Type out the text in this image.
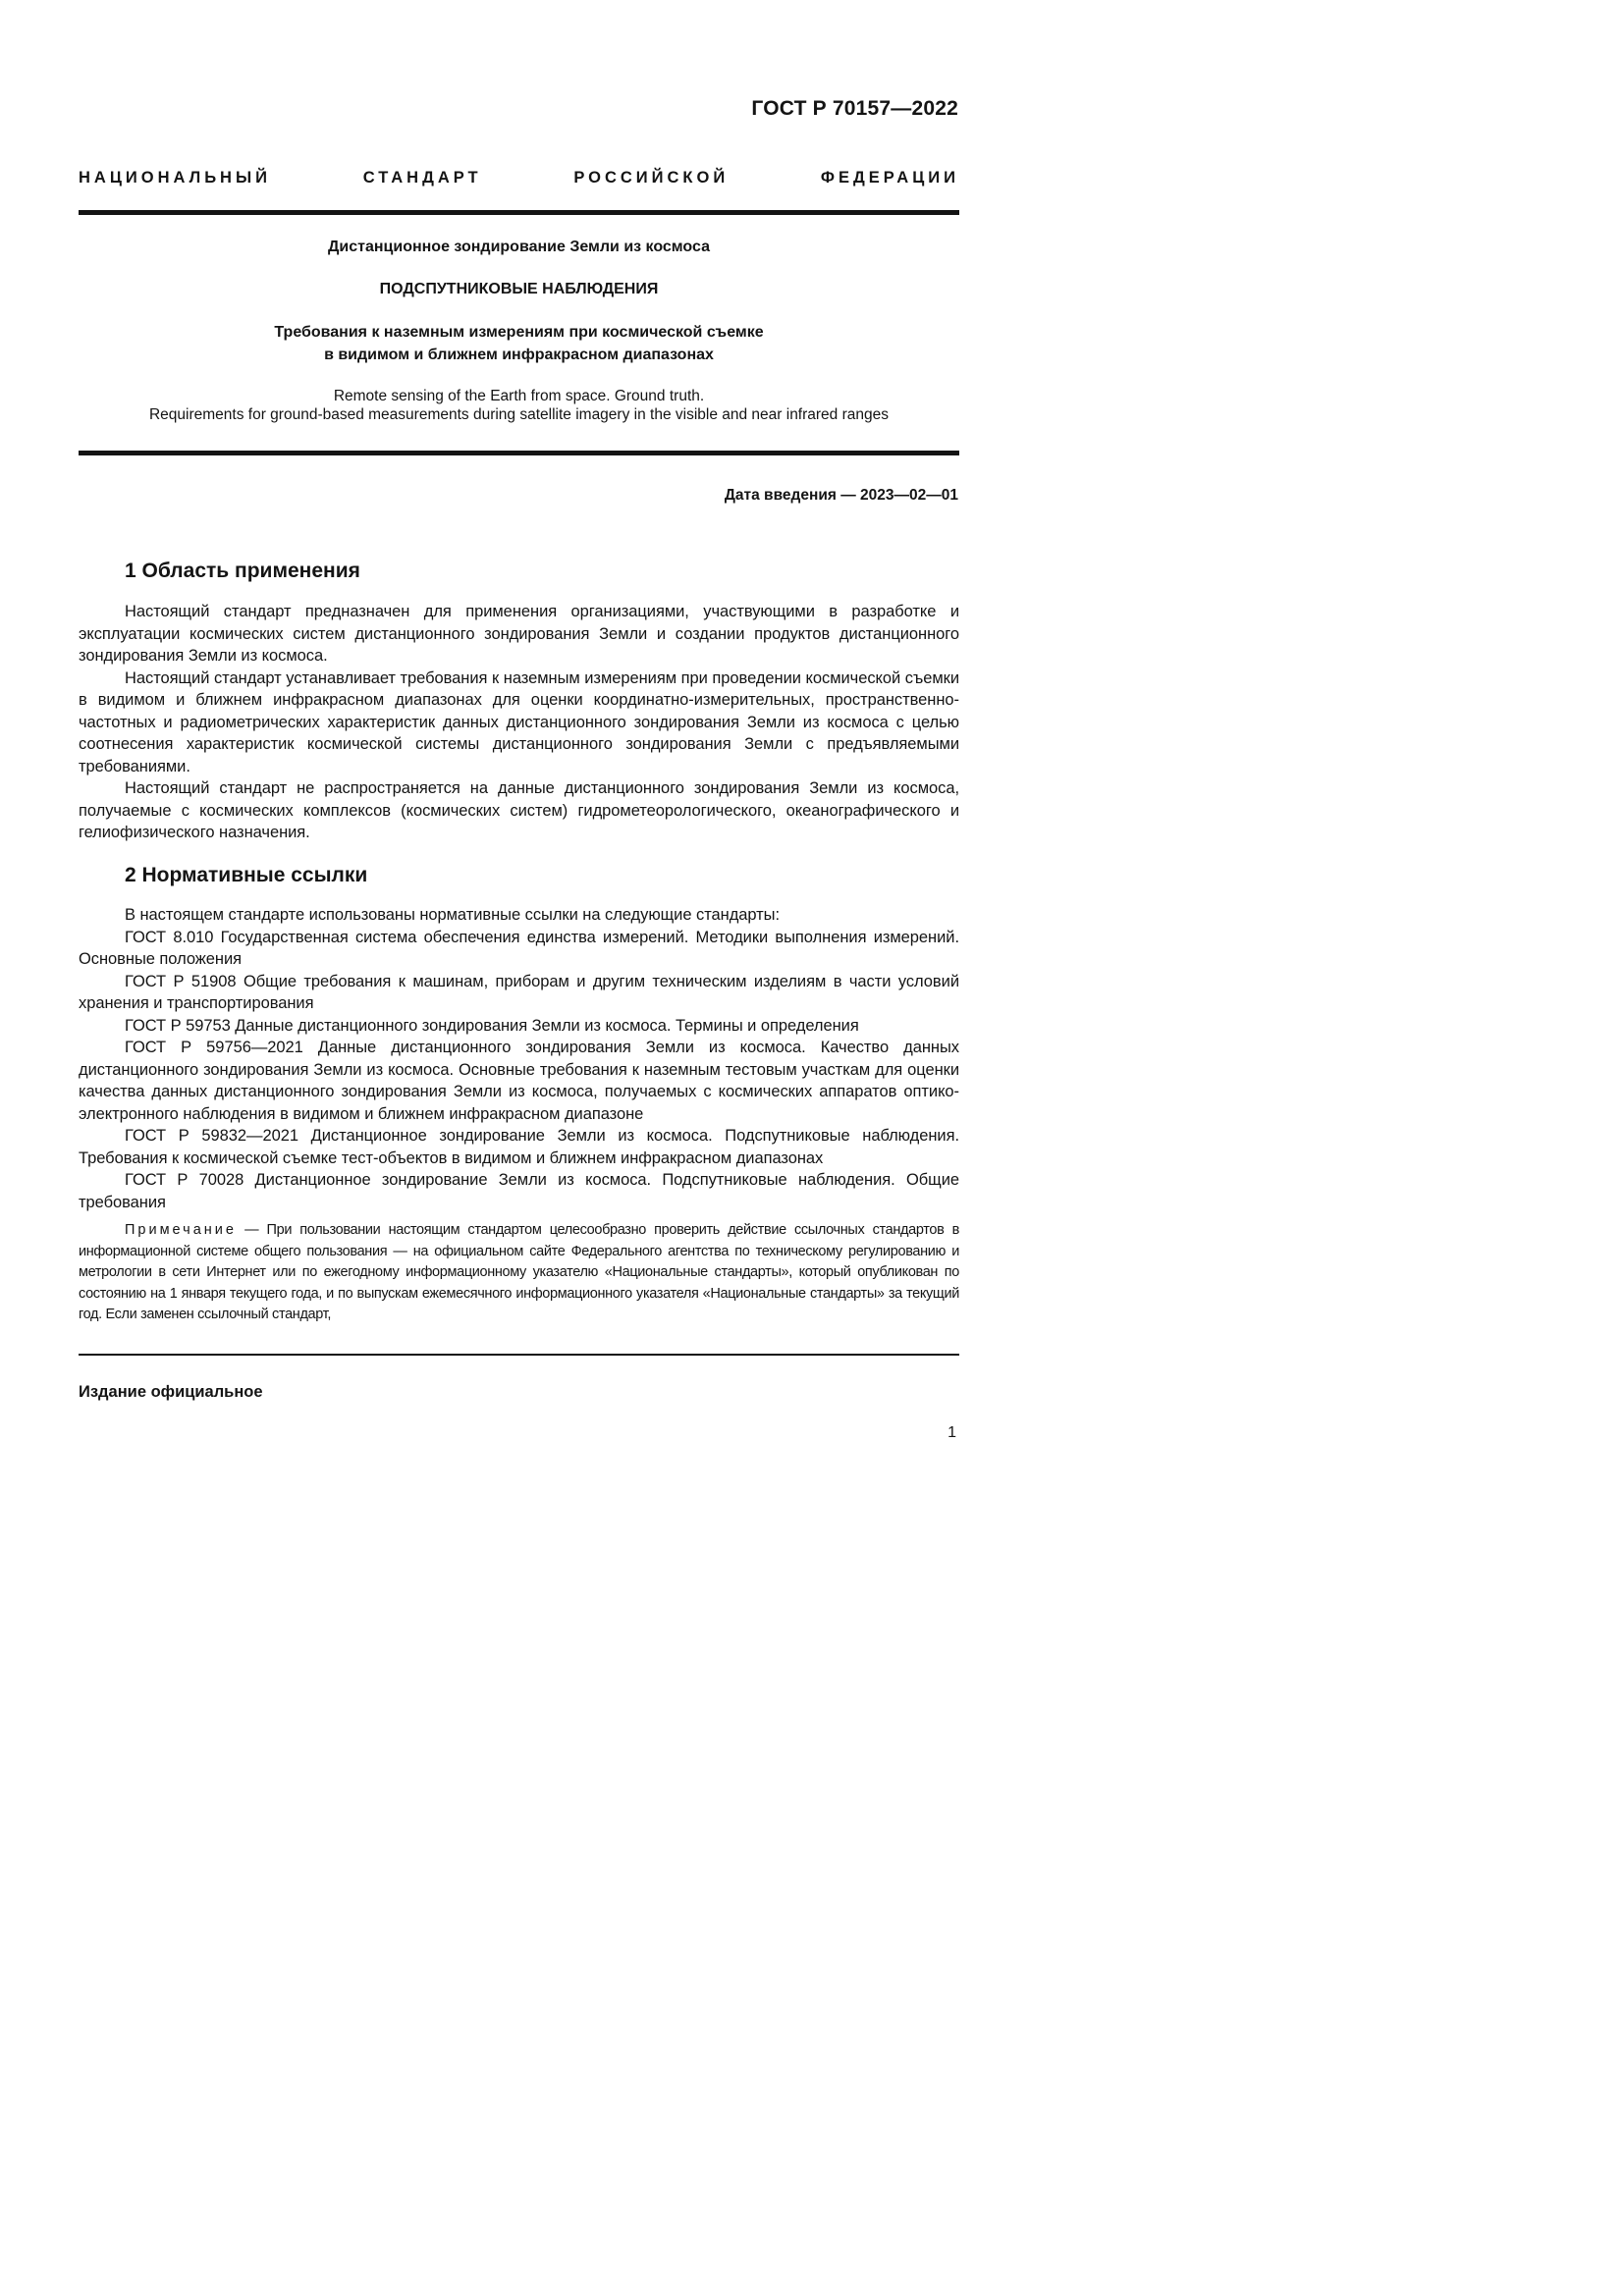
ГОСТ Р 70157—2022
НАЦИОНАЛЬНЫЙ СТАНДАРТ РОССИЙСКОЙ ФЕДЕРАЦИИ
Дистанционное зондирование Земли из космоса
ПОДСПУТНИКОВЫЕ НАБЛЮДЕНИЯ
Требования к наземным измерениям при космической съемке
в видимом и ближнем инфракрасном диапазонах
Remote sensing of the Earth from space. Ground truth.
Requirements for ground-based measurements during satellite imagery in the visible and near infrared ranges
Дата введения — 2023—02—01
1 Область применения

Настоящий стандарт предназначен для применения организациями, участвующими в разработке и эксплуатации космических систем дистанционного зондирования Земли и создании продуктов дистанционного зондирования Земли из космоса.

Настоящий стандарт устанавливает требования к наземным измерениям при проведении космической съемки в видимом и ближнем инфракрасном диапазонах для оценки координатно-измерительных, пространственно-частотных и радиометрических характеристик данных дистанционного зондирования Земли из космоса с целью соотнесения характеристик космической системы дистанционного зондирования Земли с предъявляемыми требованиями.

Настоящий стандарт не распространяется на данные дистанционного зондирования Земли из космоса, получаемые с космических комплексов (космических систем) гидрометеорологического, океанографического и гелиофизического назначения.

2 Нормативные ссылки

В настоящем стандарте использованы нормативные ссылки на следующие стандарты:

ГОСТ 8.010 Государственная система обеспечения единства измерений. Методики выполнения измерений. Основные положения

ГОСТ Р 51908 Общие требования к машинам, приборам и другим техническим изделиям в части условий хранения и транспортирования

ГОСТ Р 59753 Данные дистанционного зондирования Земли из космоса. Термины и определения

ГОСТ Р 59756—2021 Данные дистанционного зондирования Земли из космоса. Качество данных дистанционного зондирования Земли из космоса. Основные требования к наземным тестовым участкам для оценки качества данных дистанционного зондирования Земли из космоса, получаемых с космических аппаратов оптико-электронного наблюдения в видимом и ближнем инфракрасном диапазоне

ГОСТ Р 59832—2021 Дистанционное зондирование Земли из космоса. Подспутниковые наблюдения. Требования к космической съемке тест-объектов в видимом и ближнем инфракрасном диапазонах

ГОСТ Р 70028 Дистанционное зондирование Земли из космоса. Подспутниковые наблюдения. Общие требования

Примечание — При пользовании настоящим стандартом целесообразно проверить действие ссылочных стандартов в информационной системе общего пользования — на официальном сайте Федерального агентства по техническому регулированию и метрологии в сети Интернет или по ежегодному информационному указателю «Национальные стандарты», который опубликован по состоянию на 1 января текущего года, и по выпускам ежемесячного информационного указателя «Национальные стандарты» за текущий год. Если заменен ссылочный стандарт,
Издание официальное
1
